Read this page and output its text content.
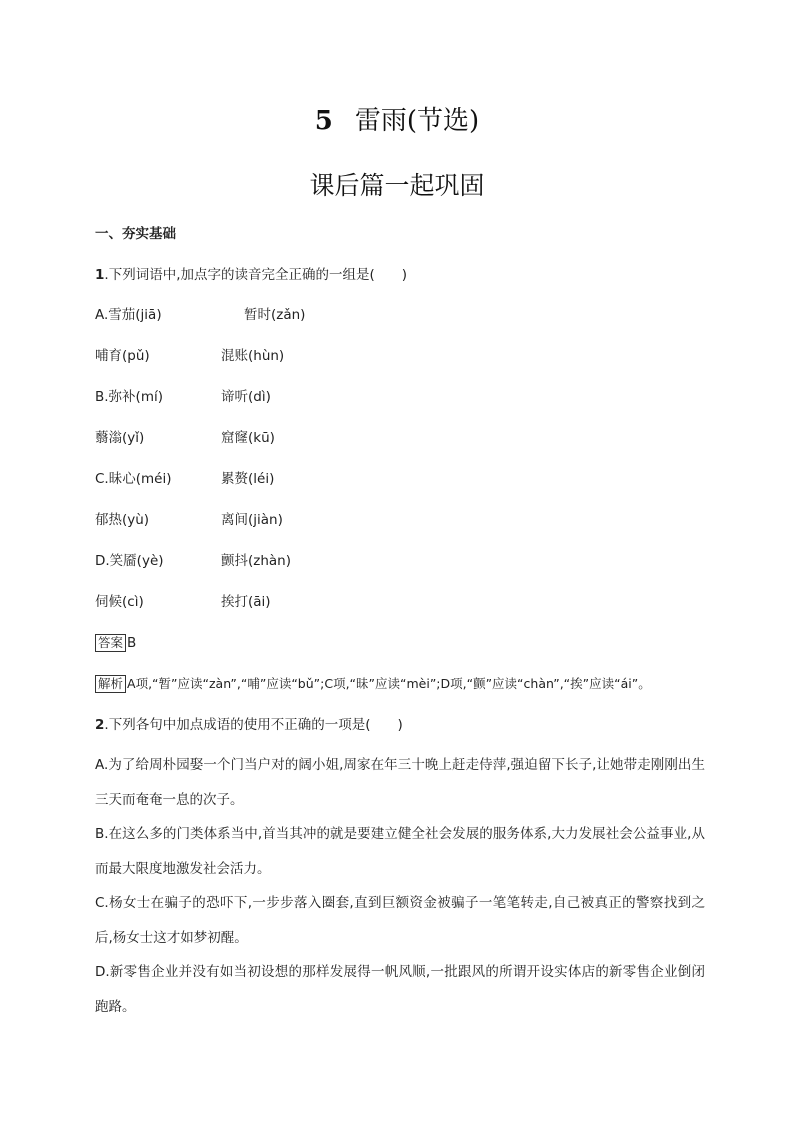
5 雷雨(节选)
课后篇一起巩固
一、夯实基础
1.下列词语中,加点字的读音完全正确的一组是(　　)
A.雪茄(jiā)	暂时(zǎn)
哺育(pǔ)	混账(hùn)
B.弥补(mí)	谛听(dì)
蘙滃(yǐ)	窟窿(kū)
C.昧心(méi)	累赘(léi)
郁热(yù)	离间(jiàn)
D.笑靥(yè)	颤抖(zhàn)
伺候(cì)	挨打(āi)
答案 B
解析 A项,“暂”应读“zàn”,“哺”应读“bǔ”;C项,“昧”应读“mèi”;D项,“颤”应读“chàn”,“挨”应读“ái”。
2.下列各句中加点成语的使用不正确的一项是(　　)
A.为了给周朴园娶一个门当户对的阔小姐,周家在年三十晚上赶走侍萍,强迫留下长子,让她带走刚刚出生三天而奄奄一息的次子。
B.在这么多的门类体系当中,首当其冲的就是要建立健全社会发展的服务体系,大力发展社会公益事业,从而最大限度地激发社会活力。
C.杨女士在骗子的恐吓下,一步步落入圈套,直到巨额资金被骗子一笔笔转走,自己被真正的警察找到之后,杨女士这才如梦初醒。
D.新零售企业并没有如当初设想的那样发展得一帆风顺,一批跟风的所谓开设实体店的新零售企业倒闭跑路。
